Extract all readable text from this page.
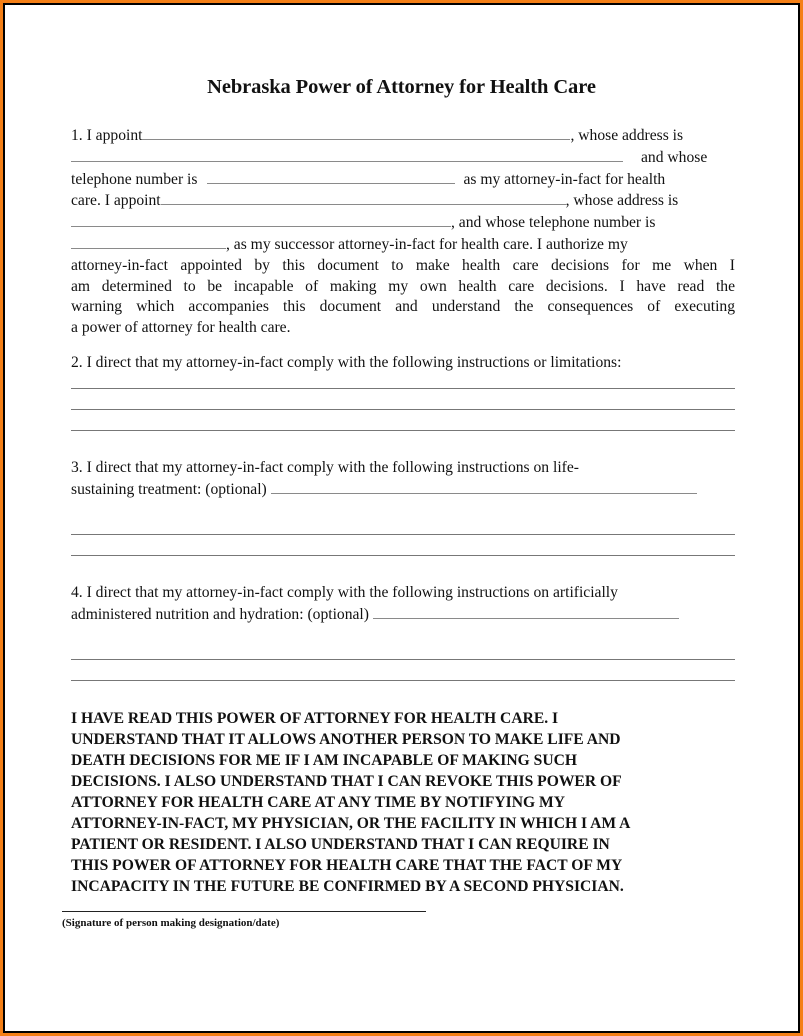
Nebraska Power of Attorney for Health Care
1. I appoint	, whose address is
and whose
telephone number is	as my attorney-in-fact for health
care. I appoint	, whose address is
, and whose telephone number is
, as my successor attorney-in-fact for health care. I authorize my
attorney-in-fact appointed by this document to make health care decisions for me when I
am determined to be incapable of making my own health care decisions. I have read the
warning which accompanies this document and understand the consequences of executing
a power of attorney for health care.
2. I direct that my attorney-in-fact comply with the following instructions or limitations:
3. I direct that my attorney-in-fact comply with the following instructions on life-
sustaining treatment: (optional)
4. I direct that my attorney-in-fact comply with the following instructions on artificially
administered nutrition and hydration: (optional)
I HAVE READ THIS POWER OF ATTORNEY FOR HEALTH CARE. I
UNDERSTAND THAT IT ALLOWS ANOTHER PERSON TO MAKE LIFE AND
DEATH DECISIONS FOR ME IF I AM INCAPABLE OF MAKING SUCH
DECISIONS. I ALSO UNDERSTAND THAT I CAN REVOKE THIS POWER OF
ATTORNEY FOR HEALTH CARE AT ANY TIME BY NOTIFYING MY
ATTORNEY-IN-FACT, MY PHYSICIAN, OR THE FACILITY IN WHICH I AM A
PATIENT OR RESIDENT. I ALSO UNDERSTAND THAT I CAN REQUIRE IN
THIS POWER OF ATTORNEY FOR HEALTH CARE THAT THE FACT OF MY
INCAPACITY IN THE FUTURE BE CONFIRMED BY A SECOND PHYSICIAN.
(Signature of person making designation/date)
